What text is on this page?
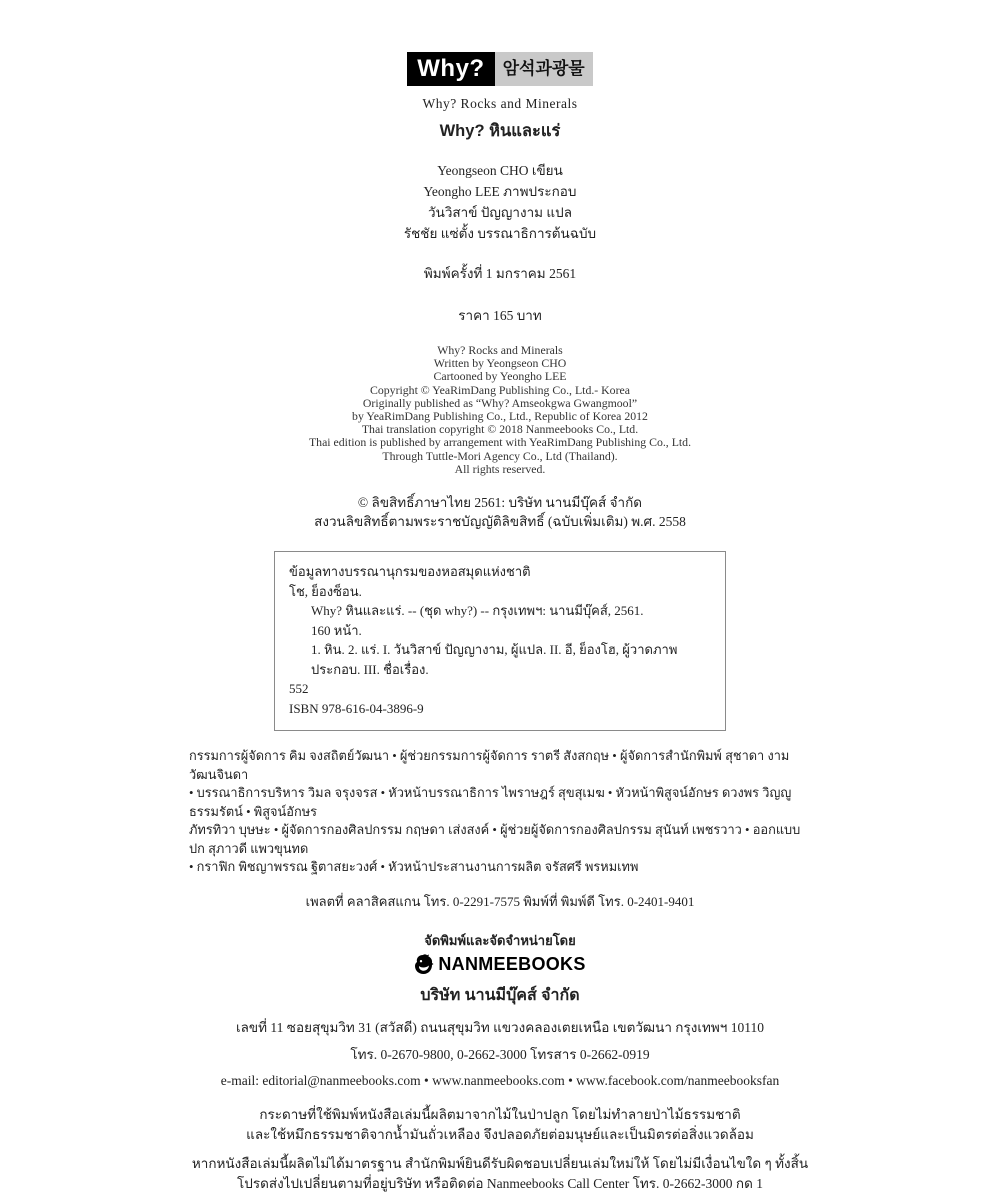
Why?	암석과광물
Why? Rocks and Minerals
Why? หินและแร่
Yeongseon CHO เขียน
Yeongho LEE ภาพประกอบ
วันวิสาข์ ปัญญางาม แปล
รัชชัย แซ่ตั้ง บรรณาธิการต้นฉบับ
พิมพ์ครั้งที่ 1 มกราคม 2561
ราคา 165 บาท
Why? Rocks and Minerals
Written by Yeongseon CHO
Cartooned by Yeongho LEE
Copyright © YeaRimDang Publishing Co., Ltd.- Korea
Originally published as “Why? Amseokgwa Gwangmool”
by YeaRimDang Publishing Co., Ltd., Republic of Korea 2012
Thai translation copyright © 2018 Nanmeebooks Co., Ltd.
Thai edition is published by arrangement with YeaRimDang Publishing Co., Ltd.
Through Tuttle-Mori Agency Co., Ltd (Thailand).
All rights reserved.
© ลิขสิทธิ์ภาษาไทย 2561: บริษัท นานมีบุ๊คส์ จำกัด
สงวนลิขสิทธิ์ตามพระราชบัญญัติลิขสิทธิ์ (ฉบับเพิ่มเติม) พ.ศ. 2558
ข้อมูลทางบรรณานุกรมของหอสมุดแห่งชาติ
โช, ย็องซ็อน.
Why? หินและแร่. -- (ชุด why?) -- กรุงเทพฯ: นานมีบุ๊คส์, 2561.
160 หน้า.
1. หิน. 2. แร่. I. วันวิสาข์ ปัญญางาม, ผู้แปล. II. อี, ย็องโฮ, ผู้วาดภาพประกอบ. III. ชื่อเรื่อง.
552
ISBN 978-616-04-3896-9
กรรมการผู้จัดการ คิม จงสถิตย์วัฒนา • ผู้ช่วยกรรมการผู้จัดการ ราตรี สังสกฤษ • ผู้จัดการสำนักพิมพ์ สุชาดา งามวัฒนจินดา
• บรรณาธิการบริหาร วิมล จรุงจรส • หัวหน้าบรรณาธิการ ไพราษฎร์ สุขสุเมฆ • หัวหน้าพิสูจน์อักษร ดวงพร วิญญูธรรมรัตน์ • พิสูจน์อักษร
ภัทรทิวา บุษษะ • ผู้จัดการกองศิลปกรรม กฤษดา เส่งสงค์ • ผู้ช่วยผู้จัดการกองศิลปกรรม สุนันท์ เพชรวาว • ออกแบบปก สุภาวดี แพวขุนทด
• กราฟิก พิชญาพรรณ ฐิตาสยะวงศ์ • หัวหน้าประสานงานการผลิต จรัสศรี พรหมเทพ
เพลตที่ คลาสิคสแกน โทร. 0-2291-7575 พิมพ์ที่ พิมพ์ดี โทร. 0-2401-9401
จัดพิมพ์และจัดจำหน่ายโดย
NANMEEBOOKS
บริษัท นานมีบุ๊คส์ จำกัด
เลขที่ 11 ซอยสุขุมวิท 31 (สวัสดี) ถนนสุขุมวิท แขวงคลองเตยเหนือ เขตวัฒนา กรุงเทพฯ 10110
โทร. 0-2670-9800, 0-2662-3000 โทรสาร 0-2662-0919
e-mail: editorial@nanmeebooks.com • www.nanmeebooks.com • www.facebook.com/nanmeebooksfan
กระดาษที่ใช้พิมพ์หนังสือเล่มนี้ผลิตมาจากไม้ในป่าปลูก โดยไม่ทำลายป่าไม้ธรรมชาติ
และใช้หมึกธรรมชาติจากน้ำมันถั่วเหลือง จึงปลอดภัยต่อมนุษย์และเป็นมิตรต่อสิ่งแวดล้อม
หากหนังสือเล่มนี้ผลิตไม่ได้มาตรฐาน สำนักพิมพ์ยินดีรับผิดชอบเปลี่ยนเล่มใหม่ให้ โดยไม่มีเงื่อนไขใด ๆ ทั้งสิ้น
โปรดส่งไปเปลี่ยนตามที่อยู่บริษัท หรือติดต่อ Nanmeebooks Call Center โทร. 0-2662-3000 กด 1
